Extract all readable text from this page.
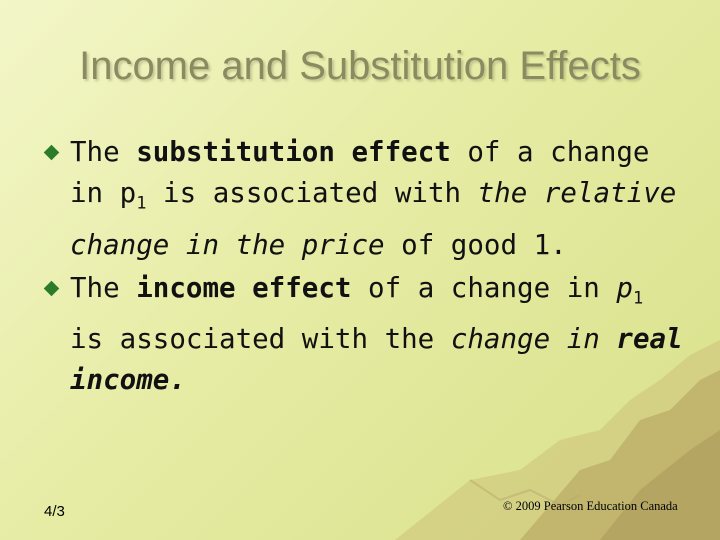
Income and Substitution Effects
The substitution effect of a change in $p_1$ is associated with the relative change in the price of good 1.
The income effect of a change in $p_1$ is associated with the change in real income.
4/3	© 2009 Pearson Education Canada
